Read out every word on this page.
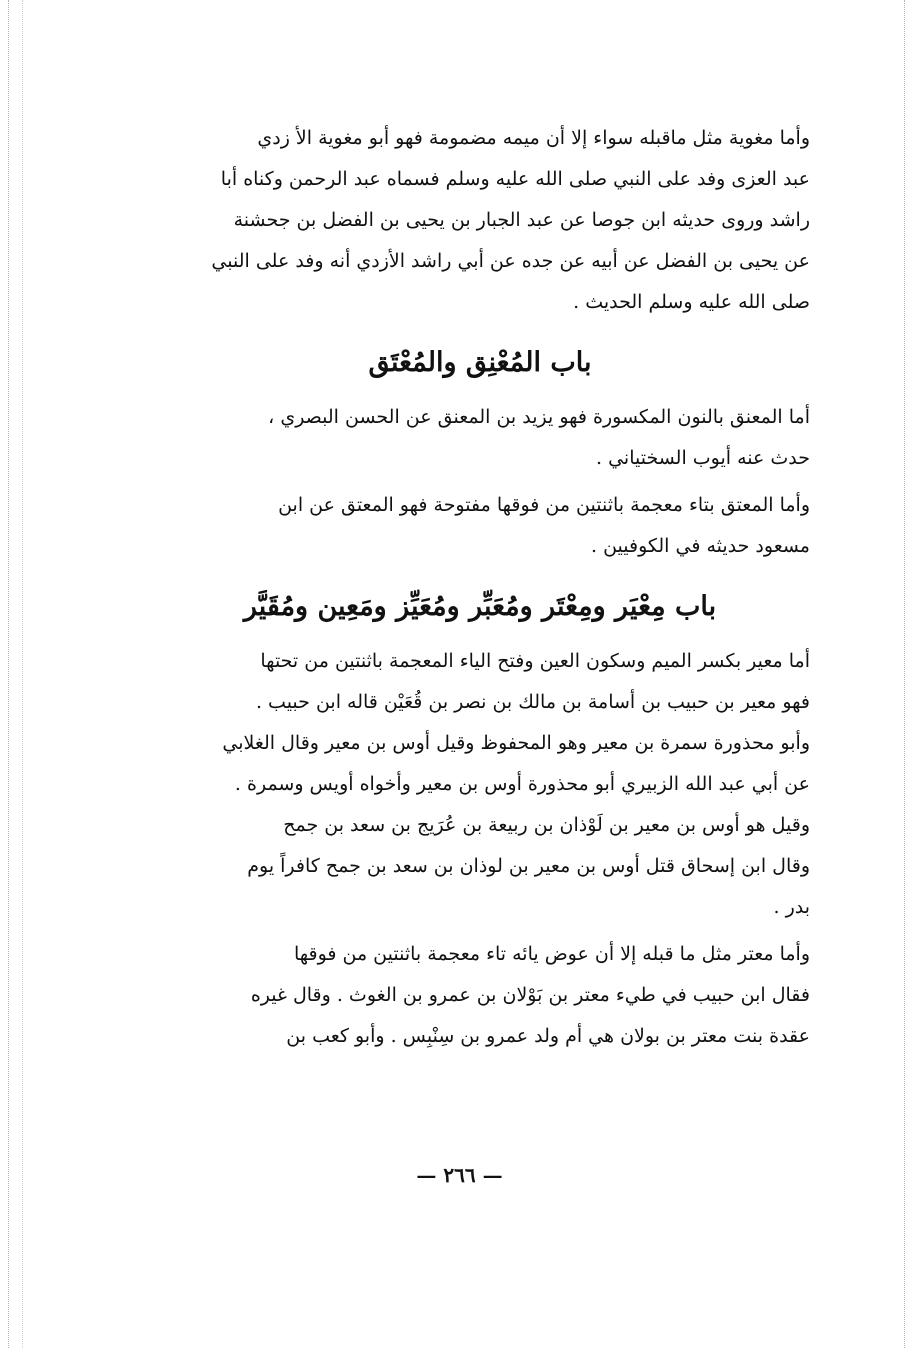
وأما مغوية مثل ماقبله سواء إلا أن ميمه مضمومة فهو أبو مغوية الأ زدي
عبد العزى وفد على النبي صلى الله عليه وسلم فسماه عبد الرحمن وكناه أبا
راشد وروى حديثه ابن جوصا عن عبد الجبار بن يحيى بن الفضل بن جحشنة
عن يحيى بن الفضل عن أبيه عن جده عن أبي راشد الأزدي أنه وفد على النبي
صلى الله عليه وسلم الحديث .
باب المُعْنِق والمُعْتَق
أما المعنق بالنون المكسورة فهو يزيد بن المعنق عن الحسن البصري ،
حدث عنه أيوب السختياني .
وأما المعتق بتاء معجمة باثنتين من فوقها مفتوحة فهو المعتق عن ابن
مسعود حديثه في الكوفيين .
باب مِعْيَر ومِعْتَر ومُعَبِّر ومُعَيِّز ومَعِين ومُقَيَّر
أما معير بكسر الميم وسكون العين وفتح الياء المعجمة باثنتين من تحتها
فهو معير بن حبيب بن أسامة بن مالك بن نصر بن قُعَيْن قاله ابن حبيب .
وأبو محذورة سمرة بن معير وهو المحفوظ وقيل أوس بن معير وقال الغلابي
عن أبي عبد الله الزبيري أبو محذورة أوس بن معير وأخواه أويس وسمرة .
وقيل هو أوس بن معير بن لَوْذان بن ربيعة بن عُرَيج بن سعد بن جمح
وقال ابن إسحاق قتل أوس بن معير بن لوذان بن سعد بن جمح كافراً يوم
بدر .
وأما معتر مثل ما قبله إلا أن عوض يائه تاء معجمة باثنتين من فوقها
فقال ابن حبيب في طيء معتر بن بَوْلان بن عمرو بن الغوث . وقال غيره
عقدة بنت معتر بن بولان هي أم ولد عمرو بن سِنْبِس . وأبو كعب بن
— ٢٦٦ —
